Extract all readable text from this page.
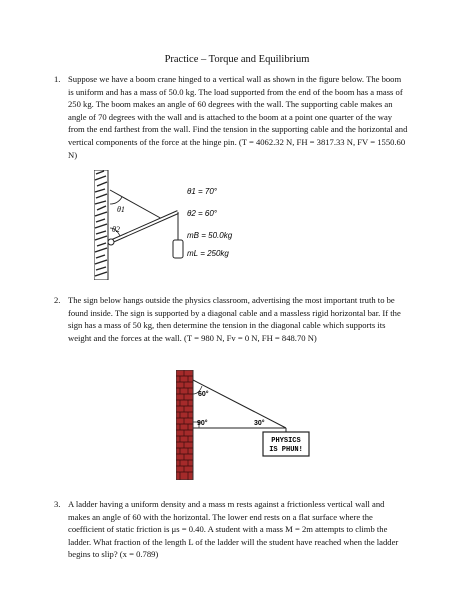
Practice – Torque and Equilibrium
1. Suppose we have a boom crane hinged to a vertical wall as shown in the figure below. The boom is uniform and has a mass of 50.0 kg. The load supported from the end of the boom has a mass of 250 kg. The boom makes an angle of 60 degrees with the wall. The supporting cable makes an angle of 70 degrees with the wall and is attached to the boom at a point one quarter of the way from the end farthest from the wall. Find the tension in the supporting cable and the horizontal and vertical components of the force at the hinge pin. (T = 4062.32 N, FH = 3817.33 N, FV = 1550.60 N)
θ1
θ2
θ1 = 70°
θ2 = 60°
mB = 50.0kg
mL = 250kg
2. The sign below hangs outside the physics classroom, advertising the most important truth to be found inside. The sign is supported by a diagonal cable and a massless rigid horizontal bar. If the sign has a mass of 50 kg, then determine the tension in the diagonal cable which supports its weight and the forces at the wall. (T = 980 N, Fv = 0 N, FH = 848.70 N)
PHYSICS
IS PHUN!
60°
90°	30°
3. A ladder having a uniform density and a mass m rests against a frictionless vertical wall and makes an angle of 60 with the horizontal. The lower end rests on a flat surface where the coefficient of static friction is μs = 0.40. A student with a mass M = 2m attempts to climb the ladder. What fraction of the length L of the ladder will the student have reached when the ladder begins to slip? (x = 0.789)
